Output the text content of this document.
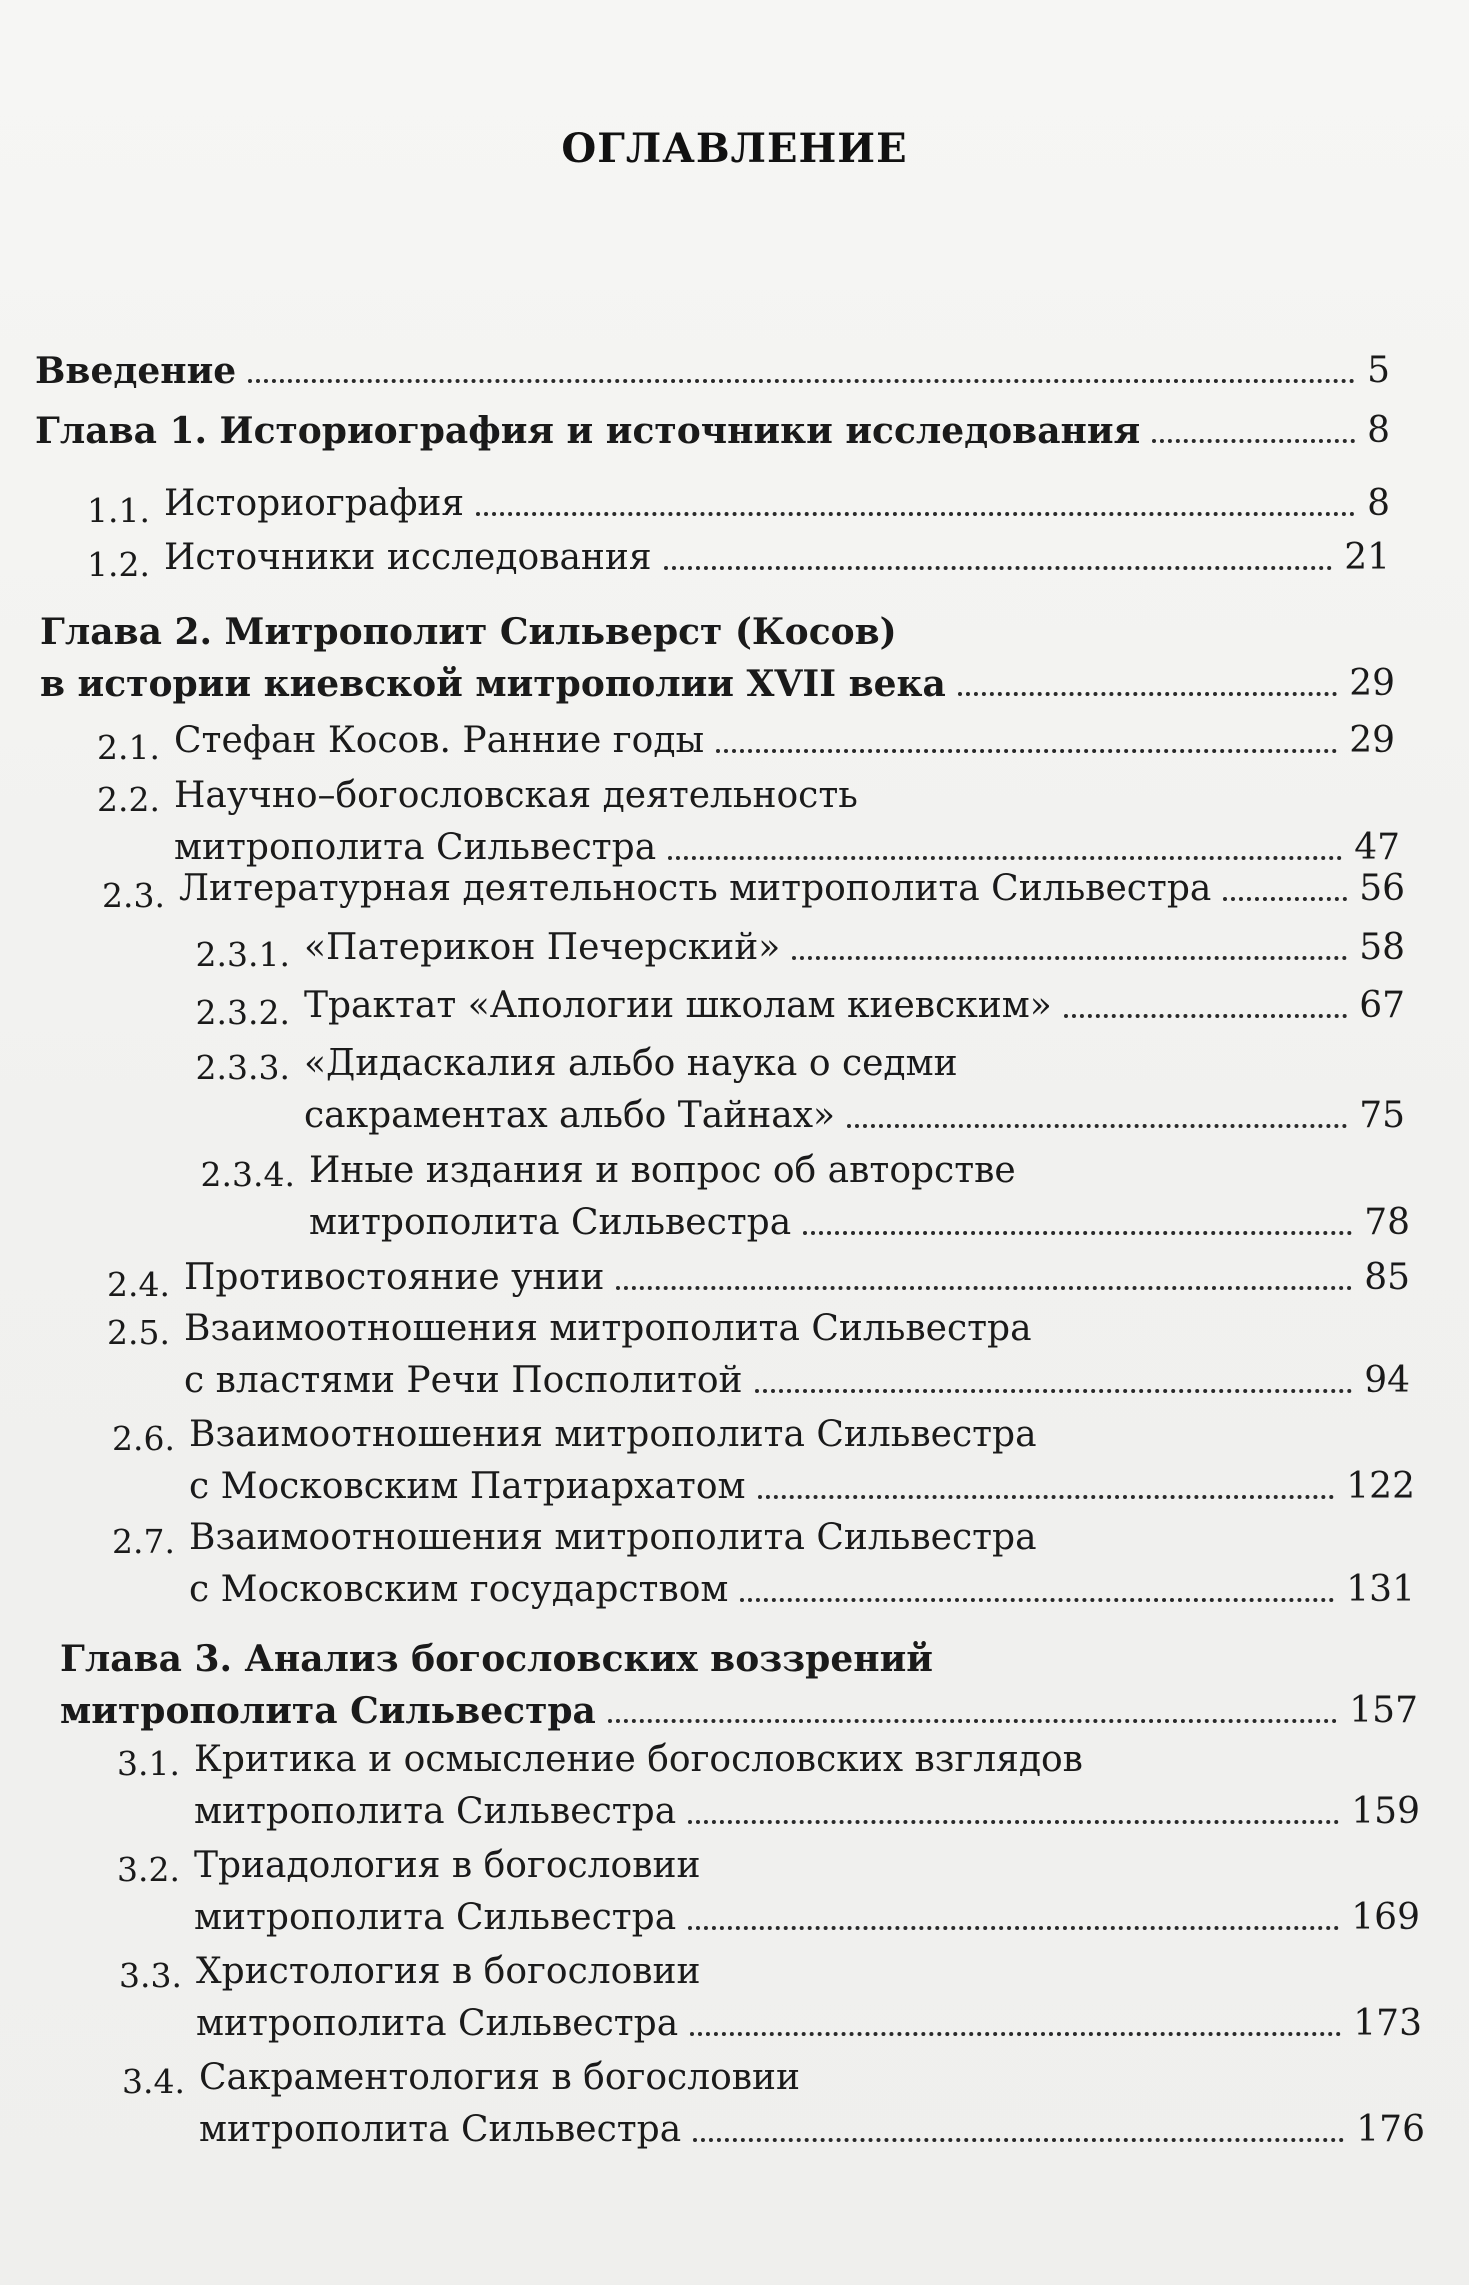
ОГЛАВЛЕНИЕ
Введение	5
Глава 1. Историография и источники исследования	8
1.1. Историография	8
1.2. Источники исследования	21
Глава 2. Митрополит Сильверст (Косов)
в истории киевской митрополии XVII века	29
2.1. Стефан Косов. Ранние годы	29
2.2. Научно–богословская деятельность
митрополита Сильвестра	47
2.3. Литературная деятельность митрополита Сильвестра	56
2.3.1. «Патерикон Печерский»	58
2.3.2. Трактат «Апологии школам киевским»	67
2.3.3. «Дидаскалия альбо наука о седми
сакраментах альбо Тайнах»	75
2.3.4. Иные издания и вопрос об авторстве
митрополита Сильвестра	78
2.4. Противостояние унии	85
2.5. Взаимоотношения митрополита Сильвестра
с властями Речи Посполитой	94
2.6. Взаимоотношения митрополита Сильвестра
с Московским Патриархатом	122
2.7. Взаимоотношения митрополита Сильвестра
с Московским государством	131
Глава 3. Анализ богословских воззрений
митрополита Сильвестра	157
3.1. Критика и осмысление богословских взглядов
митрополита Сильвестра	159
3.2. Триадология в богословии
митрополита Сильвестра	169
3.3. Христология в богословии
митрополита Сильвестра	173
3.4. Сакраментология в богословии
митрополита Сильвестра	176
